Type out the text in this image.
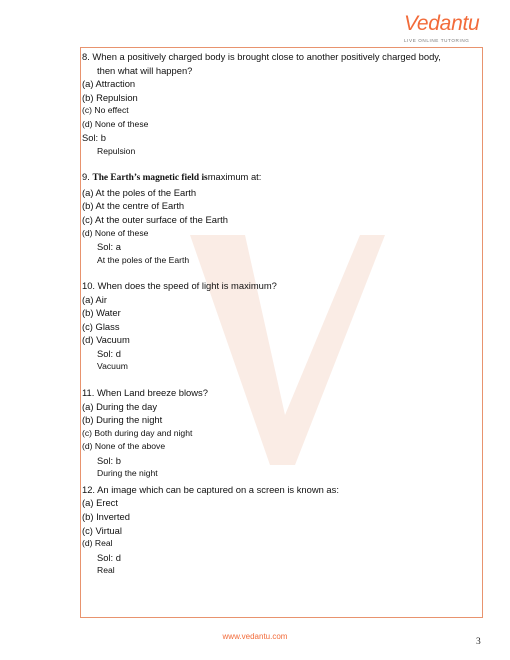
Vedantu
LIVE ONLINE TUTORING
8. When a positively charged body is brought close to another positively charged body,
then what will happen?
(a) Attraction
(b) Repulsion
(c) No effect
(d) None of these
Sol: b
Repulsion
9. The Earth’s magnetic field ismaximum at:
(a) At the poles of the Earth
(b) At the centre of Earth
(c) At the outer surface of the Earth
(d) None of these
Sol: a
At the poles of the Earth
10. When does the speed of light is maximum?
(a) Air
(b) Water
(c) Glass
(d) Vacuum
Sol: d
Vacuum
11. When Land breeze blows?
(a) During the day
(b) During the night
(c) Both during day and night
(d) None of the above
Sol: b
During the night
12. An image which can be captured on a screen is known as:
(a) Erect
(b) Inverted
(c) Virtual
(d) Real
Sol: d
Real
www.vedantu.com
3
